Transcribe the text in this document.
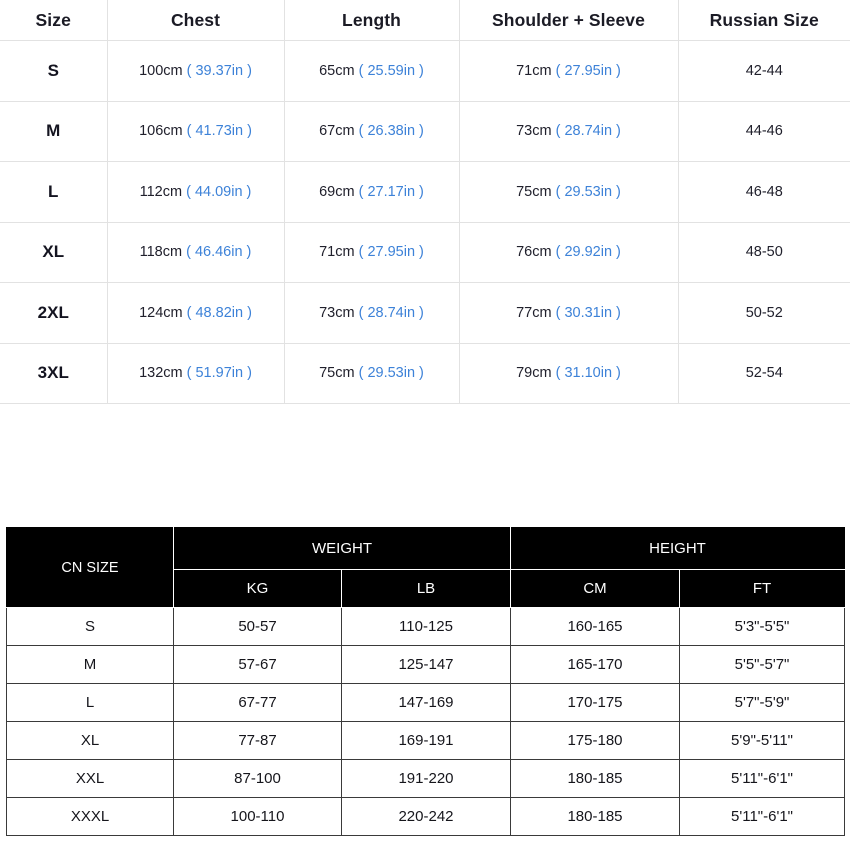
Size	Chest	Length	Shoulder + Sleeve	Russian Size
S	100cm ( 39.37in )	65cm ( 25.59in )	71cm ( 27.95in )	42-44
M	106cm ( 41.73in )	67cm ( 26.38in )	73cm ( 28.74in )	44-46
L	112cm ( 44.09in )	69cm ( 27.17in )	75cm ( 29.53in )	46-48
XL	118cm ( 46.46in )	71cm ( 27.95in )	76cm ( 29.92in )	48-50
2XL	124cm ( 48.82in )	73cm ( 28.74in )	77cm ( 30.31in )	50-52
3XL	132cm ( 51.97in )	75cm ( 29.53in )	79cm ( 31.10in )	52-54
CN SIZE	WEIGHT		HEIGHT	
	KG	LB	CM	FT
S	50-57	110-125	160-165	5'3"-5'5"
M	57-67	125-147	165-170	5'5"-5'7"
L	67-77	147-169	170-175	5'7"-5'9"
XL	77-87	169-191	175-180	5'9"-5'11"
XXL	87-100	191-220	180-185	5'11"-6'1"
XXXL	100-110	220-242	180-185	5'11"-6'1"
